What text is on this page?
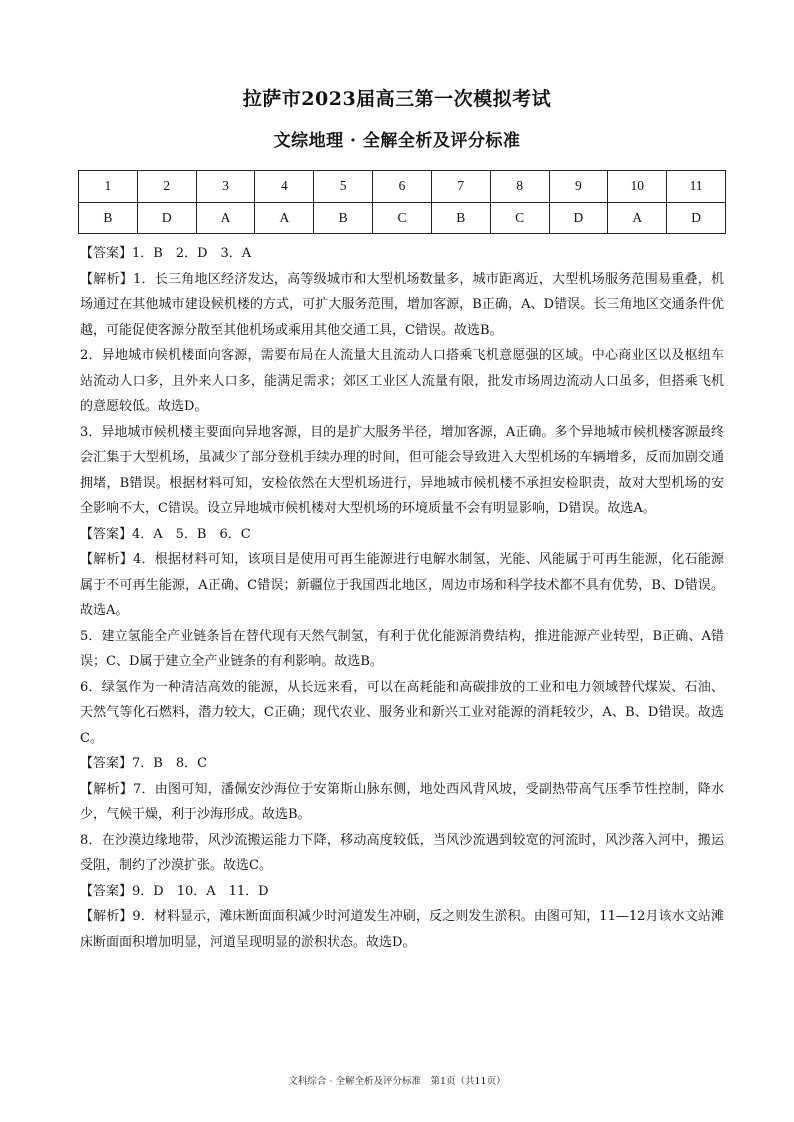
拉萨市2023届高三第一次模拟考试
文综地理 · 全解全析及评分标准
1	2	3	4	5	6	7	8	9	10	11
B	D	A	A	B	C	B	C	D	A	D

【答案】1．B　2．D　3．A

【解析】1．长三角地区经济发达，高等级城市和大型机场数量多，城市距离近，大型机场服务范围易重叠，机场通过在其他城市建设候机楼的方式，可扩大服务范围，增加客源，B正确，A、D错误。长三角地区交通条件优越，可能促使客源分散至其他机场或乘用其他交通工具，C错误。故选B。

2．异地城市候机楼面向客源，需要布局在人流量大且流动人口搭乘飞机意愿强的区域。中心商业区以及枢纽车站流动人口多，且外来人口多，能满足需求；郊区工业区人流量有限，批发市场周边流动人口虽多，但搭乘飞机的意愿较低。故选D。

3．异地城市候机楼主要面向异地客源，目的是扩大服务半径，增加客源，A正确。多个异地城市候机楼客源最终会汇集于大型机场，虽减少了部分登机手续办理的时间，但可能会导致进入大型机场的车辆增多，反而加剧交通拥堵，B错误。根据材料可知，安检依然在大型机场进行，异地城市候机楼不承担安检职责，故对大型机场的安全影响不大，C错误。设立异地城市候机楼对大型机场的环境质量不会有明显影响，D错误。故选A。

【答案】4．A　5．B　6．C

【解析】4．根据材料可知，该项目是使用可再生能源进行电解水制氢，光能、风能属于可再生能源，化石能源属于不可再生能源，A正确、C错误；新疆位于我国西北地区，周边市场和科学技术都不具有优势，B、D错误。故选A。

5．建立氢能全产业链条旨在替代现有天然气制氢，有利于优化能源消费结构，推进能源产业转型，B正确、A错误；C、D属于建立全产业链条的有利影响。故选B。

6．绿氢作为一种清洁高效的能源，从长远来看，可以在高耗能和高碳排放的工业和电力领域替代煤炭、石油、天然气等化石燃料，潜力较大，C正确；现代农业、服务业和新兴工业对能源的消耗较少，A、B、D错误。故选C。

【答案】7．B　8．C

【解析】7．由图可知，潘佩安沙海位于安第斯山脉东侧，地处西风背风坡，受副热带高气压季节性控制，降水少，气候干燥，利于沙海形成。故选B。

8．在沙漠边缘地带，风沙流搬运能力下降，移动高度较低，当风沙流遇到较宽的河流时，风沙落入河中，搬运受阻，制约了沙漠扩张。故选C。

【答案】9．D　10．A　11．D

【解析】9．材料显示，滩床断面面积减少时河道发生冲刷，反之则发生淤积。由图可知，11—12月该水文站滩床断面面积增加明显，河道呈现明显的淤积状态。故选D。

文科综合 · 全解全析及评分标准　第1页（共11页）
